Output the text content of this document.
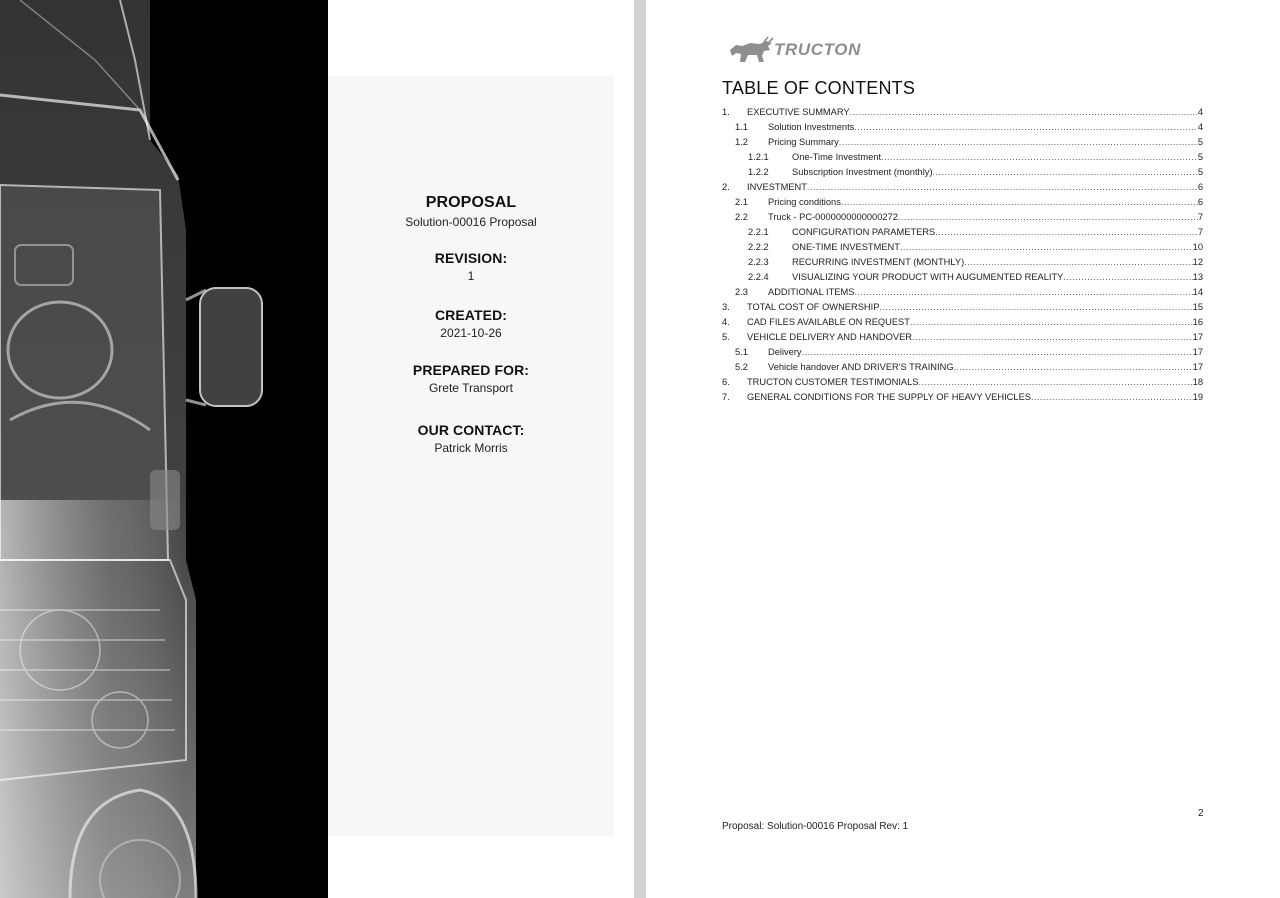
PROPOSAL
Solution-00016 Proposal
REVISION:
1
CREATED:
2021-10-26
PREPARED FOR:
Grete Transport
OUR CONTACT:
Patrick Morris
TRUCTON
TABLE OF CONTENTS
1.	EXECUTIVE SUMMARY .....	4
1.1	Solution Investments .....	4
1.2	Pricing Summary .....	5
1.2.1	One-Time Investment .....	5
1.2.2	Subscription Investment (monthly) .....	5
2.	INVESTMENT .....	6
2.1	Pricing conditions .....	6
2.2	Truck - PC-0000000000000272 .....	7
2.2.1	CONFIGURATION PARAMETERS .....	7
2.2.2	ONE-TIME INVESTMENT .....	10
2.2.3	RECURRING INVESTMENT (MONTHLY) .....	12
2.2.4	VISUALIZING YOUR PRODUCT WITH AUGUMENTED REALITY .....	13
2.3	ADDITIONAL ITEMS .....	14
3.	TOTAL COST OF OWNERSHIP .....	15
4.	CAD FILES AVAILABLE ON REQUEST .....	16
5.	VEHICLE DELIVERY AND HANDOVER .....	17
5.1	Delivery .....	17
5.2	Vehicle handover AND DRIVER'S TRAINING .....	17
6.	TRUCTON CUSTOMER TESTIMONIALS .....	18
7.	GENERAL CONDITIONS FOR THE SUPPLY OF HEAVY VEHICLES .....	19
2
Proposal: Solution-00016 Proposal Rev: 1
